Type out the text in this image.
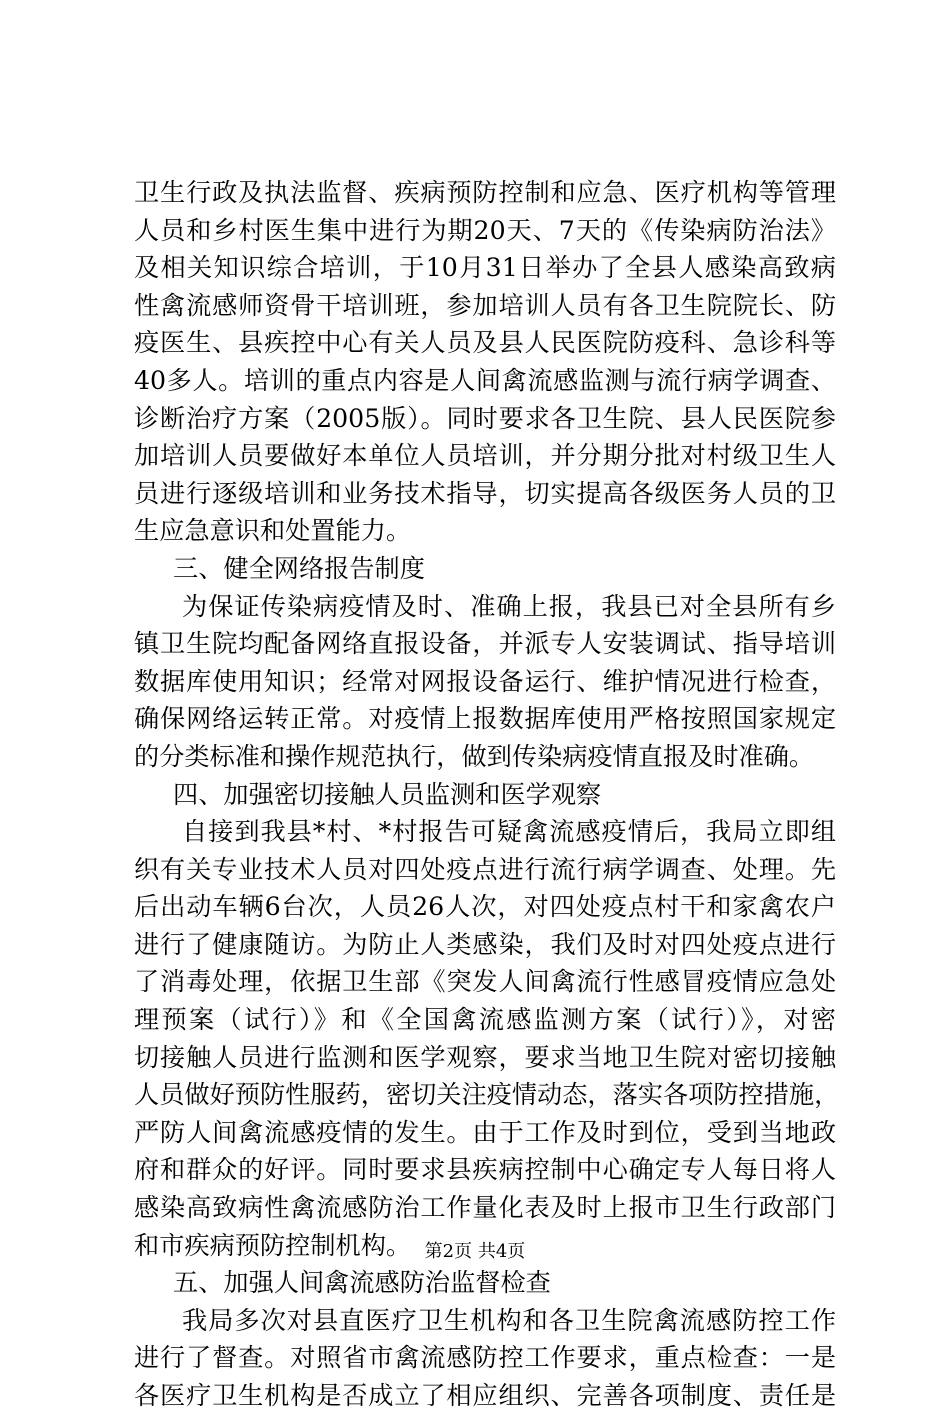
卫生行政及执法监督、疾病预防控制和应急、医疗机构等管理
人员和乡村医生集中进行为期20天、7天的《传染病防治法》
及相关知识综合培训，于10月31日举办了全县人感染高致病
性禽流感师资骨干培训班，参加培训人员有各卫生院院长、防
疫医生、县疾控中心有关人员及县人民医院防疫科、急诊科等
40多人。培训的重点内容是人间禽流感监测与流行病学调查、
诊断治疗方案（2005版）。同时要求各卫生院、县人民医院参
加培训人员要做好本单位人员培训，并分期分批对村级卫生人
员进行逐级培训和业务技术指导，切实提高各级医务人员的卫
生应急意识和处置能力。
三、健全网络报告制度
为保证传染病疫情及时、准确上报，我县已对全县所有乡
镇卫生院均配备网络直报设备，并派专人安装调试、指导培训
数据库使用知识；经常对网报设备运行、维护情况进行检查，
确保网络运转正常。对疫情上报数据库使用严格按照国家规定
的分类标准和操作规范执行，做到传染病疫情直报及时准确。
四、加强密切接触人员监测和医学观察
自接到我县*村、*村报告可疑禽流感疫情后，我局立即组
织有关专业技术人员对四处疫点进行流行病学调查、处理。先
后出动车辆6台次，人员26人次，对四处疫点村干和家禽农户
进行了健康随访。为防止人类感染，我们及时对四处疫点进行
了消毒处理，依据卫生部《突发人间禽流行性感冒疫情应急处
理预案（试行）》和《全国禽流感监测方案（试行）》，对密
切接触人员进行监测和医学观察，要求当地卫生院对密切接触
人员做好预防性服药，密切关注疫情动态，落实各项防控措施，
严防人间禽流感疫情的发生。由于工作及时到位，受到当地政
府和群众的好评。同时要求县疾病控制中心确定专人每日将人
感染高致病性禽流感防治工作量化表及时上报市卫生行政部门
和市疾病预防控制机构。
五、加强人间禽流感防治监督检查
我局多次对县直医疗卫生机构和各卫生院禽流感防控工作
进行了督查。对照省市禽流感防控工作要求，重点检查：一是
各医疗卫生机构是否成立了相应组织、完善各项制度、责任是
第2页 共4页
